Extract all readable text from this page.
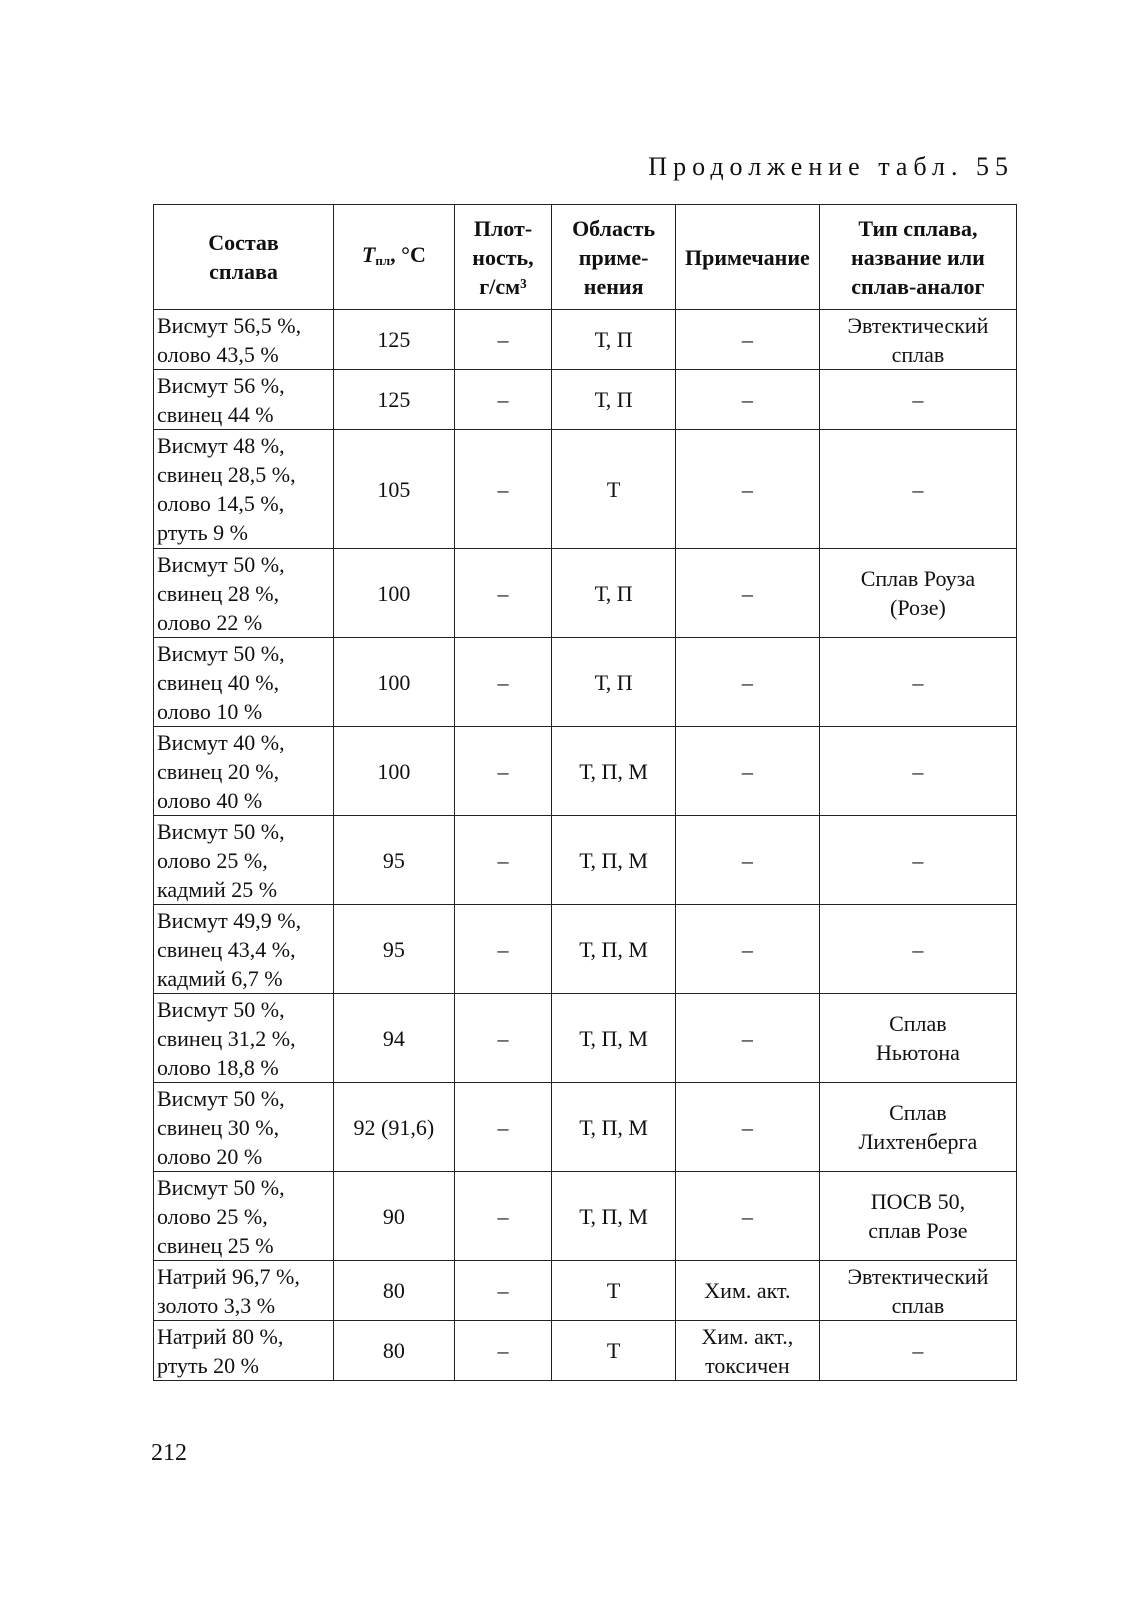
Продолжение табл. 55
Состав
сплава	Tпл, °C	Плот-
ность,
г/см³	Область
приме-
нения	Примечание	Тип сплава,
название или
сплав-аналог

Висмут 56,5 %,
олово 43,5 %	125	–	Т, П	–	Эвтектический
сплав

Висмут 56 %,
свинец 44 %	125	–	Т, П	–	–

Висмут 48 %,
свинец 28,5 %,
олово 14,5 %,
ртуть 9 %	105	–	Т	–	–

Висмут 50 %,
свинец 28 %,
олово 22 %	100	–	Т, П	–	Сплав Роуза
(Розе)

Висмут 50 %,
свинец 40 %,
олово 10 %	100	–	Т, П	–	–

Висмут 40 %,
свинец 20 %,
олово 40 %	100	–	Т, П, М	–	–

Висмут 50 %,
олово 25 %,
кадмий 25 %	95	–	Т, П, М	–	–

Висмут 49,9 %,
свинец 43,4 %,
кадмий 6,7 %	95	–	Т, П, М	–	–

Висмут 50 %,
свинец 31,2 %,
олово 18,8 %	94	–	Т, П, М	–	Сплав
Ньютона

Висмут 50 %,
свинец 30 %,
олово 20 %	92 (91,6)	–	Т, П, М	–	Сплав
Лихтенберга

Висмут 50 %,
олово 25 %,
свинец 25 %	90	–	Т, П, М	–	ПОСВ 50,
сплав Розе

Натрий 96,7 %,
золото 3,3 %	80	–	Т	Хим. акт.	Эвтектический
сплав

Натрий 80 %,
ртуть 20 %	80	–	Т	Хим. акт.,
токсичен	–
212
